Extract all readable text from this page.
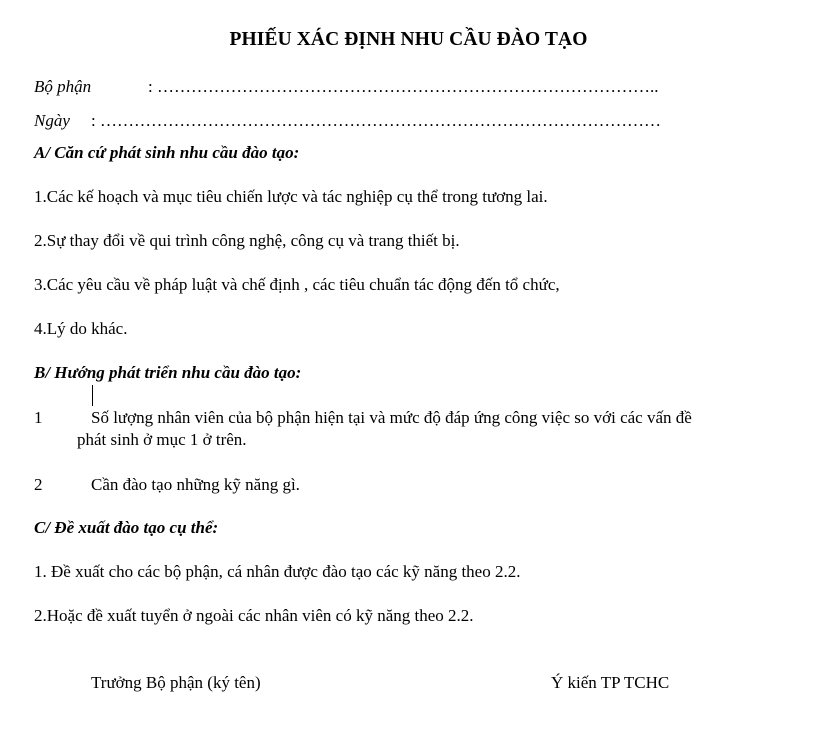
PHIẾU XÁC ĐỊNH NHU CẦU ĐÀO TẠO
Bộ phận	: ……………………………………………………………………………..
Ngày : ………………………………………………………………………………………
A/ Căn cứ phát sinh nhu cầu đào tạo:
1.Các kế hoạch và mục tiêu chiến lược và tác nghiệp cụ thể trong tương lai.
2.Sự thay đổi về qui trình công nghệ, công cụ và trang thiết bị.
3.Các yêu cầu về pháp luật và chế định , các tiêu chuẩn tác động đến tổ chức,
4.Lý do khác.
B/ Hướng phát triển nhu cầu đào tạo:
1	Số lượng nhân viên của bộ phận hiện tại và mức độ đáp ứng công việc so với các vấn đề
phát sinh ở mục 1 ở trên.
2	Cần đào tạo những kỹ năng gì.
C/ Đề xuất đào tạo cụ thể:
1. Đề xuất cho các bộ phận, cá nhân được đào tạo các kỹ năng theo 2.2.
2.Hoặc đề xuất tuyển ở ngoài các nhân viên có kỹ năng theo 2.2.
Trưởng Bộ phận (ký tên)	Ý kiến TP TCHC
